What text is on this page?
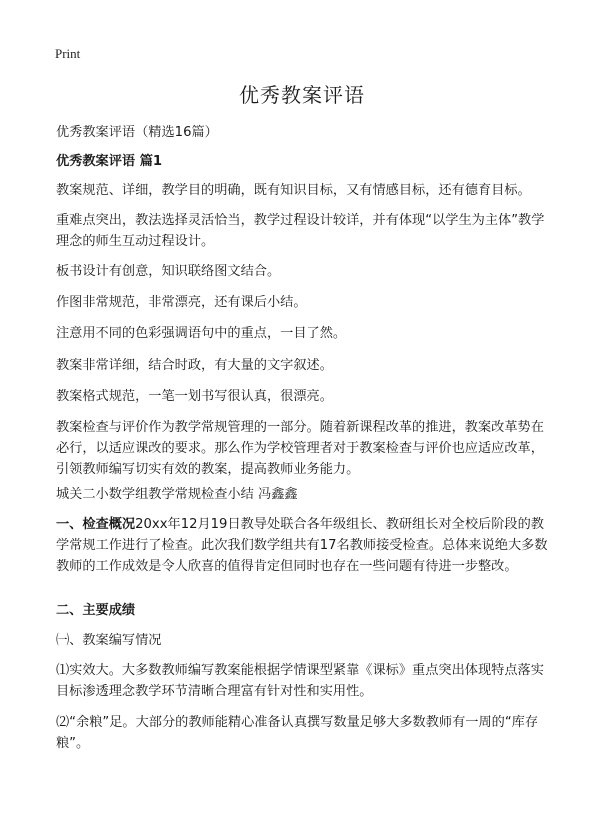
Print
优秀教案评语

优秀教案评语（精选16篇）

优秀教案评语 篇1

教案规范、详细，教学目的明确，既有知识目标，又有情感目标，还有德育目标。

重难点突出，教法选择灵活恰当，教学过程设计较详，并有体现“以学生为主体”教学理念的师生互动过程设计。

板书设计有创意，知识联络图文结合。

作图非常规范，非常漂亮，还有课后小结。

注意用不同的色彩强调语句中的重点，一目了然。

教案非常详细，结合时政，有大量的文字叙述。

教案格式规范，一笔一划书写很认真，很漂亮。

教案检查与评价作为教学常规管理的一部分。随着新课程改革的推进，教案改革势在必行，以适应课改的要求。那么作为学校管理者对于教案检查与评价也应适应改革，引领教师编写切实有效的教案，提高教师业务能力。

城关二小数学组教学常规检查小结 冯鑫鑫

一、检查概况20xx年12月19日教导处联合各年级组长、教研组长对全校后阶段的教学常规工作进行了检查。此次我们数学组共有17名教师接受检查。总体来说绝大多数教师的工作成效是令人欣喜的值得肯定但同时也存在一些问题有待进一步整改。

二、主要成绩

㈠、教案编写情况

⑴实效大。大多数教师编写教案能根据学情课型紧靠《课标》重点突出体现特点落实目标渗透理念教学环节清晰合理富有针对性和实用性。

⑵“余粮”足。大部分的教师能精心准备认真撰写数量足够大多数教师有一周的“库存粮”。
